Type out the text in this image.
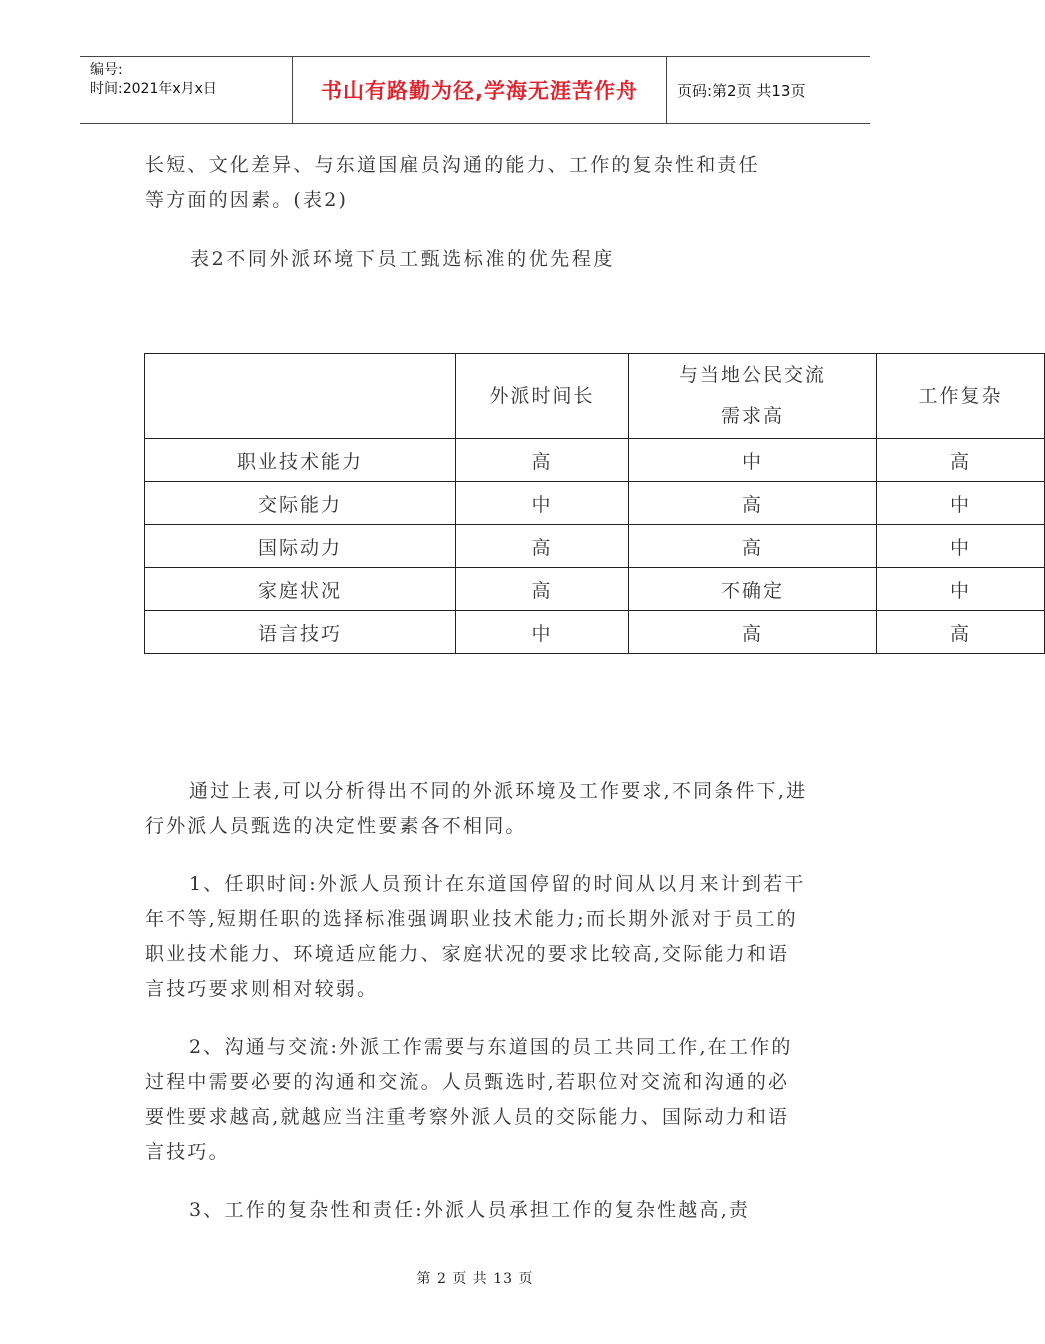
编号:
时间:2021年x月x日	书山有路勤为径,学海无涯苦作舟	页码:第2页 共13页
长短、文化差异、与东道国雇员沟通的能力、工作的复杂性和责任
等方面的因素。(表2)
表2不同外派环境下员工甄选标准的优先程度
	外派时间长	与当地公民交流需求高	工作复杂
职业技术能力	高	中	高
交际能力	中	高	中
国际动力	高	高	中
家庭状况	高	不确定	中
语言技巧	中	高	高
通过上表,可以分析得出不同的外派环境及工作要求,不同条件下,进行外派人员甄选的决定性要素各不相同。
1、任职时间:外派人员预计在东道国停留的时间从以月来计到若干年不等,短期任职的选择标准强调职业技术能力;而长期外派对于员工的职业技术能力、环境适应能力、家庭状况的要求比较高,交际能力和语言技巧要求则相对较弱。
2、沟通与交流:外派工作需要与东道国的员工共同工作,在工作的过程中需要必要的沟通和交流。人员甄选时,若职位对交流和沟通的必要性要求越高,就越应当注重考察外派人员的交际能力、国际动力和语言技巧。
3、工作的复杂性和责任:外派人员承担工作的复杂性越高,责
第 2 页 共 13 页
